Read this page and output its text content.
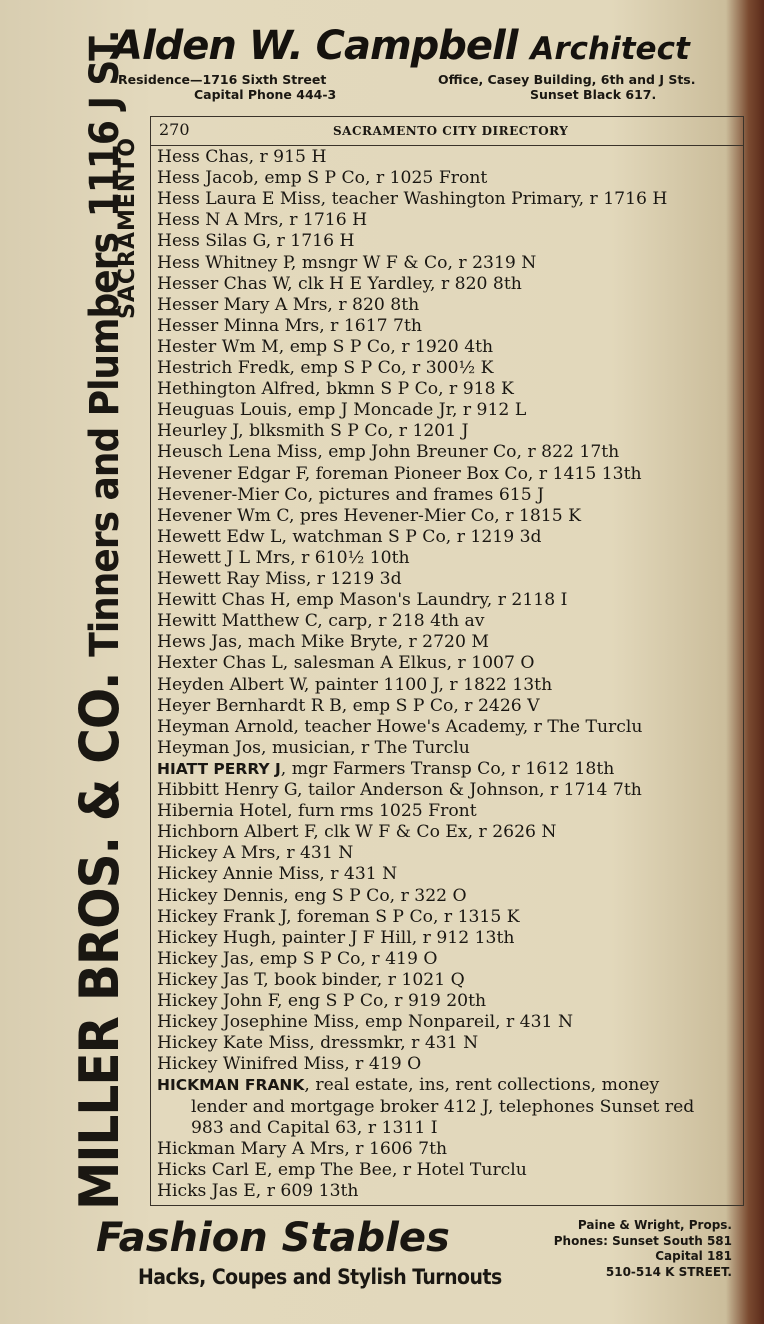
Alden W. Campbell Architect
Residence—1716 Sixth Street
Capital Phone 444-3
Office, Casey Building, 6th and J Sts.
Sunset Black 617.
MILLER BROS. & CO. Tinners and Plumbers 1116 J ST.
SACRAMENTO
270	SACRAMENTO CITY DIRECTORY
Hess Chas, r 915 H
Hess Jacob, emp S P Co, r 1025 Front
Hess Laura E Miss, teacher Washington Primary, r 1716 H
Hess N A Mrs, r 1716 H
Hess Silas G, r 1716 H
Hess Whitney P, msngr W F & Co, r 2319 N
Hesser Chas W, clk H E Yardley, r 820 8th
Hesser Mary A Mrs, r 820 8th
Hesser Minna Mrs, r 1617 7th
Hester Wm M, emp S P Co, r 1920 4th
Hestrich Fredk, emp S P Co, r 300½ K
Hethington Alfred, bkmn S P Co, r 918 K
Heuguas Louis, emp J Moncade Jr, r 912 L
Heurley J, blksmith S P Co, r 1201 J
Heusch Lena Miss, emp John Breuner Co, r 822 17th
Hevener Edgar F, foreman Pioneer Box Co, r 1415 13th
Hevener-Mier Co, pictures and frames 615 J
Hevener Wm C, pres Hevener-Mier Co, r 1815 K
Hewett Edw L, watchman S P Co, r 1219 3d
Hewett J L Mrs, r 610½ 10th
Hewett Ray Miss, r 1219 3d
Hewitt Chas H, emp Mason's Laundry, r 2118 I
Hewitt Matthew C, carp, r 218 4th av
Hews Jas, mach Mike Bryte, r 2720 M
Hexter Chas L, salesman A Elkus, r 1007 O
Heyden Albert W, painter 1100 J, r 1822 13th
Heyer Bernhardt R B, emp S P Co, r 2426 V
Heyman Arnold, teacher Howe's Academy, r The Turclu
Heyman Jos, musician, r The Turclu
HIATT PERRY J, mgr Farmers Transp Co, r 1612 18th
Hibbitt Henry G, tailor Anderson & Johnson, r 1714 7th
Hibernia Hotel, furn rms 1025 Front
Hichborn Albert F, clk W F & Co Ex, r 2626 N
Hickey A Mrs, r 431 N
Hickey Annie Miss, r 431 N
Hickey Dennis, eng S P Co, r 322 O
Hickey Frank J, foreman S P Co, r 1315 K
Hickey Hugh, painter J F Hill, r 912 13th
Hickey Jas, emp S P Co, r 419 O
Hickey Jas T, book binder, r 1021 Q
Hickey John F, eng S P Co, r 919 20th
Hickey Josephine Miss, emp Nonpareil, r 431 N
Hickey Kate Miss, dressmkr, r 431 N
Hickey Winifred Miss, r 419 O
HICKMAN FRANK, real estate, ins, rent collections, money
lender and mortgage broker 412 J, telephones Sunset red
983 and Capital 63, r 1311 I
Hickman Mary A Mrs, r 1606 7th
Hicks Carl E, emp The Bee, r Hotel Turclu
Hicks Jas E, r 609 13th
Fashion Stables
Hacks, Coupes and Stylish Turnouts
Paine & Wright, Props.
Phones: Sunset South 581
Capital 181
510-514 K STREET.
